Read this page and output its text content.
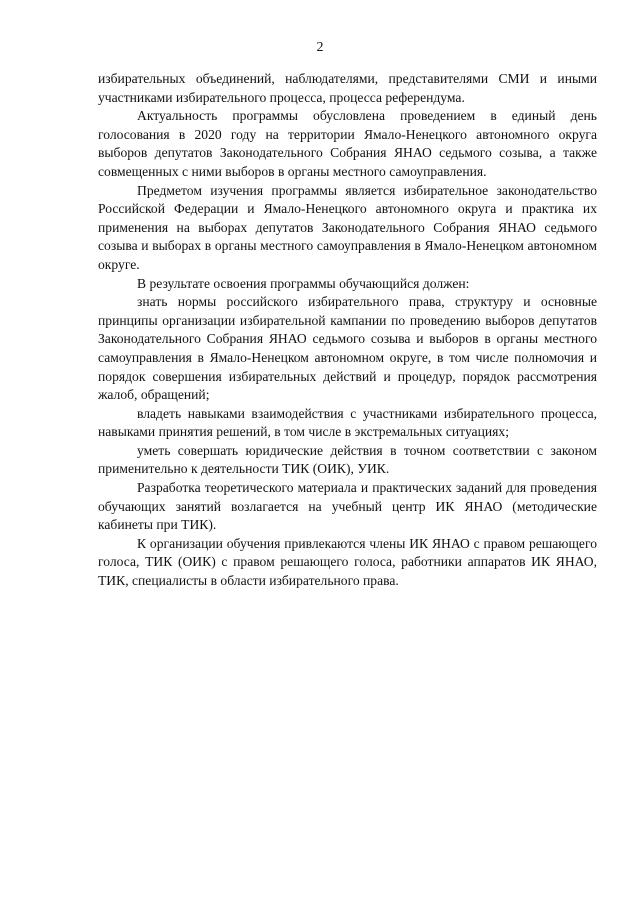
2

избирательных объединений, наблюдателями, представителями СМИ и иными участниками избирательного процесса, процесса референдума.

Актуальность программы обусловлена проведением в единый день голосования в 2020 году на территории Ямало-Ненецкого автономного округа выборов депутатов Законодательного Собрания ЯНАО седьмого созыва, а также совмещенных с ними выборов в органы местного самоуправления.

Предметом изучения программы является избирательное законодательство Российской Федерации и Ямало-Ненецкого автономного округа и практика их применения на выборах депутатов Законодательного Собрания ЯНАО седьмого созыва и выборах в органы местного самоуправления в Ямало-Ненецком автономном округе.

В результате освоения программы обучающийся должен:

знать нормы российского избирательного права, структуру и основные принципы организации избирательной кампании по проведению выборов депутатов Законодательного Собрания ЯНАО седьмого созыва и выборов в органы местного самоуправления в Ямало-Ненецком автономном округе, в том числе полномочия и порядок совершения избирательных действий и процедур, порядок рассмотрения жалоб, обращений;

владеть навыками взаимодействия с участниками избирательного процесса, навыками принятия решений, в том числе в экстремальных ситуациях;

уметь совершать юридические действия в точном соответствии с законом применительно к деятельности ТИК (ОИК), УИК.

Разработка теоретического материала и практических заданий для проведения обучающих занятий возлагается на учебный центр ИК ЯНАО (методические кабинеты при ТИК).

К организации обучения привлекаются члены ИК ЯНАО с правом решающего голоса, ТИК (ОИК) с правом решающего голоса, работники аппаратов ИК ЯНАО, ТИК, специалисты в области избирательного права.
